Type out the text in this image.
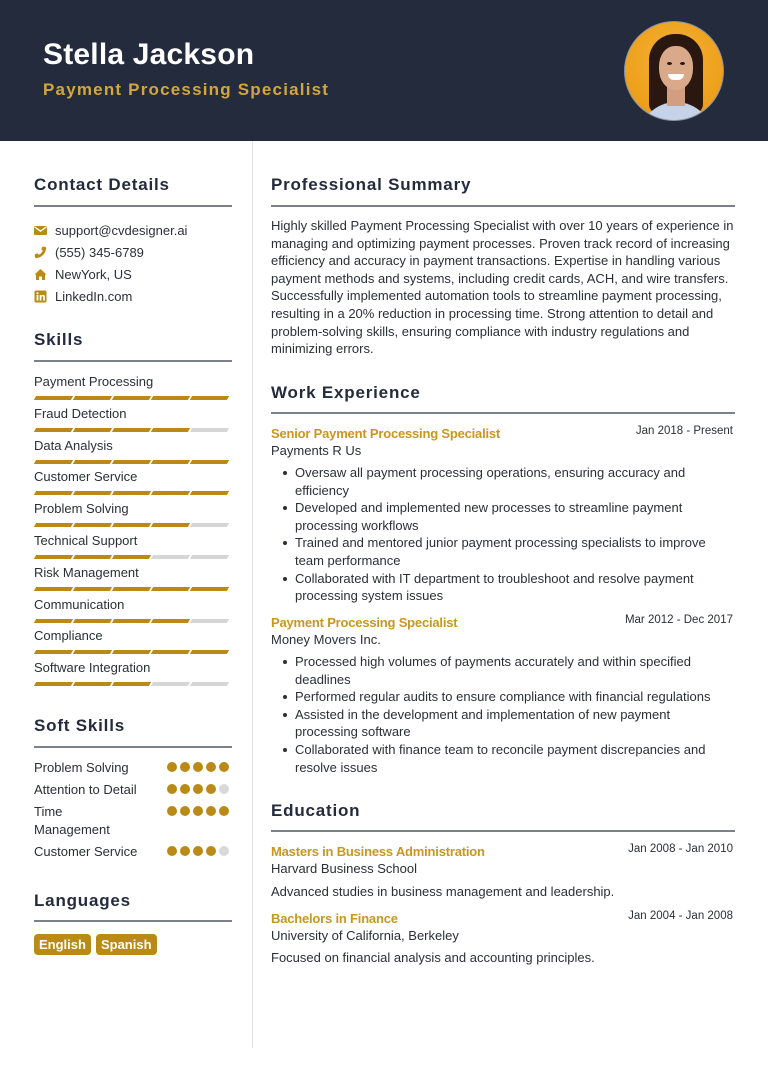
Stella Jackson
Payment Processing Specialist
Contact Details
support@cvdesigner.ai
(555) 345-6789
NewYork, US
LinkedIn.com
Skills
Payment Processing
Fraud Detection
Data Analysis
Customer Service
Problem Solving
Technical Support
Risk Management
Communication
Compliance
Software Integration
Soft Skills
Problem Solving
Attention to Detail
Time Management
Customer Service
Languages
English	Spanish
Professional Summary
Highly skilled Payment Processing Specialist with over 10 years of experience in managing and optimizing payment processes. Proven track record of increasing efficiency and accuracy in payment transactions. Expertise in handling various payment methods and systems, including credit cards, ACH, and wire transfers. Successfully implemented automation tools to streamline payment processing, resulting in a 20% reduction in processing time. Strong attention to detail and problem-solving skills, ensuring compliance with industry regulations and minimizing errors.
Work Experience
Senior Payment Processing Specialist	Jan 2018 - Present
Payments R Us
Oversaw all payment processing operations, ensuring accuracy and efficiency
Developed and implemented new processes to streamline payment processing workflows
Trained and mentored junior payment processing specialists to improve team performance
Collaborated with IT department to troubleshoot and resolve payment processing system issues
Payment Processing Specialist	Mar 2012 - Dec 2017
Money Movers Inc.
Processed high volumes of payments accurately and within specified deadlines
Performed regular audits to ensure compliance with financial regulations
Assisted in the development and implementation of new payment processing software
Collaborated with finance team to reconcile payment discrepancies and resolve issues
Education
Masters in Business Administration	Jan 2008 - Jan 2010
Harvard Business School
Advanced studies in business management and leadership.
Bachelors in Finance	Jan 2004 - Jan 2008
University of California, Berkeley
Focused on financial analysis and accounting principles.
